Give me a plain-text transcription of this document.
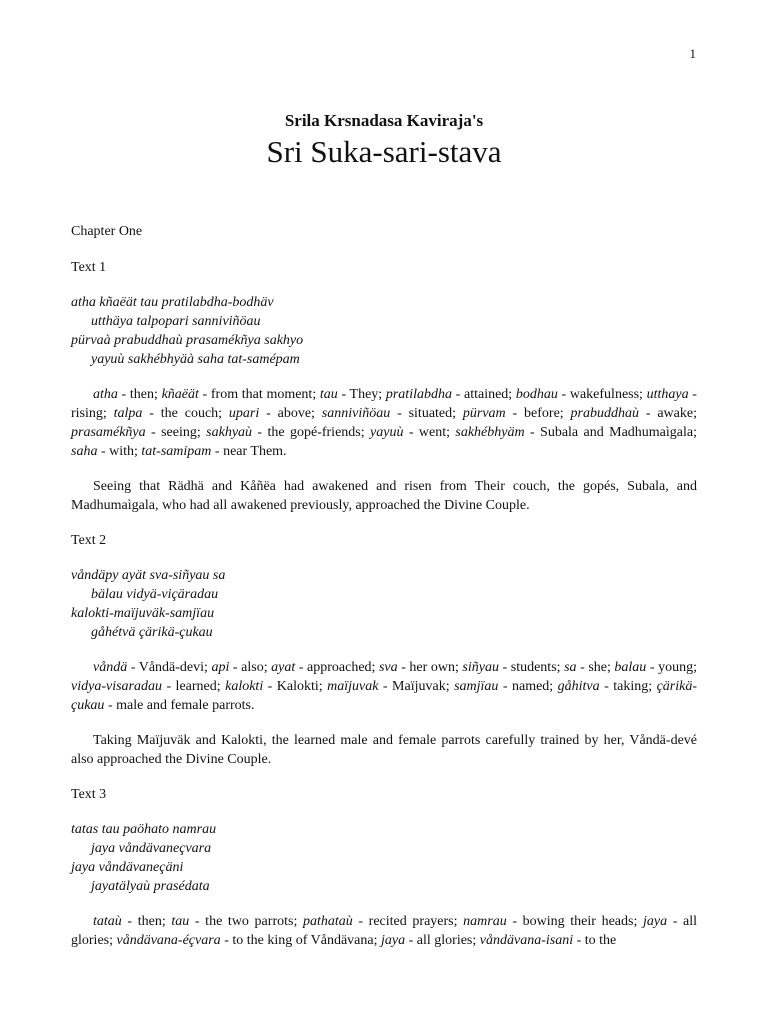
1
Srila Krsnadasa Kaviraja's
Sri Suka-sari-stava
Chapter One
Text 1
atha kñaëät tau pratilabdha-bodhäv
utthäya talpopari sanniviñöau
pürvaà prabuddhaù prasamékñya sakhyo
yayuù sakhébhyäà saha tat-samépam

atha - then; kñaëät - from that moment; tau - They; pratilabdha - attained; bodhau - wakefulness; utthaya - rising; talpa - the couch; upari - above; sanniviñöau - situated; pürvam - before; prabuddhaù - awake; prasamékñya - seeing; sakhyaù - the gopé-friends; yayuù - went; sakhébhyäm - Subala and Madhumaìgala; saha - with; tat-samipam - near Them.

Seeing that Rädhä and Kåñëa had awakened and risen from Their couch, the gopés, Subala, and Madhumaìgala, who had all awakened previously, approached the Divine Couple.

Text 2
våndäpy ayät sva-siñyau sa
bälau vidyä-viçäradau
kalokti-maïjuväk-samjïau
gåhétvä çärikä-çukau

våndä - Våndä-devi; api - also; ayat - approached; sva - her own; siñyau - students; sa - she; balau - young; vidya-visaradau - learned; kalokti - Kalokti; maïjuvak - Maïjuvak; samjïau - named; gåhitva - taking; çärikä-çukau - male and female parrots.

Taking Maïjuväk and Kalokti, the learned male and female parrots carefully trained by her, Våndä-devé also approached the Divine Couple.

Text 3
tatas tau paöhato namrau
jaya våndävaneçvara
jaya våndävaneçäni
jayatälyaù prasédata

tataù - then; tau - the two parrots; pathataù - recited prayers; namrau - bowing their heads; jaya - all glories; våndävana-éçvara - to the king of Våndävana; jaya - all glories; våndävana-isani - to the
